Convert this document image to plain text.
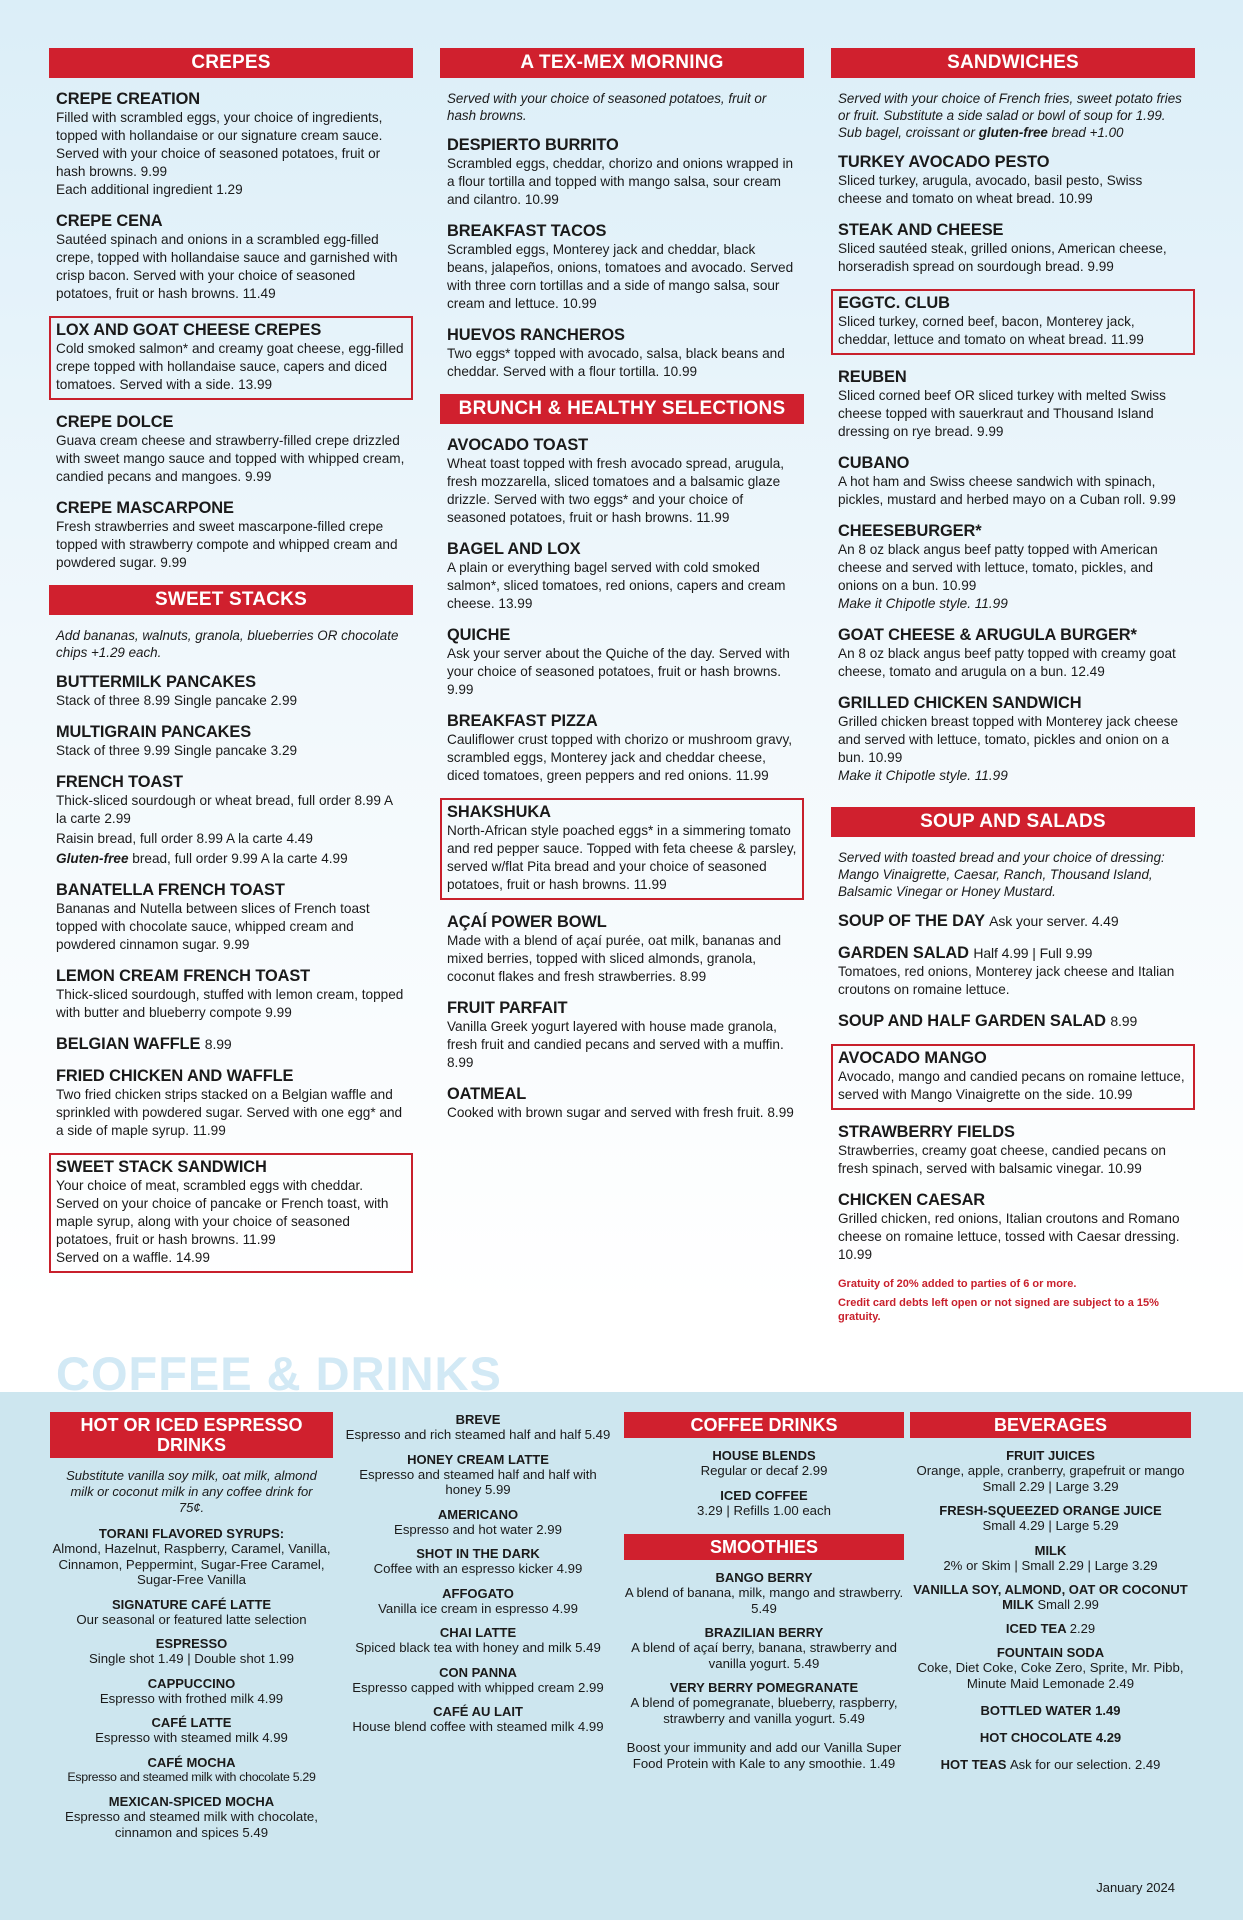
CREPES
CREPE CREATION
Filled with scrambled eggs, your choice of ingredients, topped with hollandaise or our signature cream sauce. Served with your choice of seasoned potatoes, fruit or hash browns. 9.99
Each additional ingredient 1.29
CREPE CENA
Sautéed spinach and onions in a scrambled egg-filled crepe, topped with hollandaise sauce and garnished with crisp bacon. Served with your choice of seasoned potatoes, fruit or hash browns. 11.49
LOX AND GOAT CHEESE CREPES
Cold smoked salmon* and creamy goat cheese, egg-filled crepe topped with hollandaise sauce, capers and diced tomatoes. Served with a side. 13.99
CREPE DOLCE
Guava cream cheese and strawberry-filled crepe drizzled with sweet mango sauce and topped with whipped cream, candied pecans and mangoes. 9.99
CREPE MASCARPONE
Fresh strawberries and sweet mascarpone-filled crepe topped with strawberry compote and whipped cream and powdered sugar. 9.99
SWEET STACKS
Add bananas, walnuts, granola, blueberries OR chocolate chips +1.29 each.
BUTTERMILK PANCAKES
Stack of three 8.99 Single pancake 2.99
MULTIGRAIN PANCAKES
Stack of three 9.99 Single pancake 3.29
FRENCH TOAST
Thick-sliced sourdough or wheat bread, full order 8.99 A la carte 2.99
Raisin bread, full order 8.99 A la carte 4.49
Gluten-free bread, full order 9.99 A la carte 4.99
BANATELLA FRENCH TOAST
Bananas and Nutella between slices of French toast topped with chocolate sauce, whipped cream and powdered cinnamon sugar. 9.99
LEMON CREAM FRENCH TOAST
Thick-sliced sourdough, stuffed with lemon cream, topped with butter and blueberry compote 9.99
BELGIAN WAFFLE 8.99
FRIED CHICKEN AND WAFFLE
Two fried chicken strips stacked on a Belgian waffle and sprinkled with powdered sugar. Served with one egg* and a side of maple syrup. 11.99
SWEET STACK SANDWICH
Your choice of meat, scrambled eggs with cheddar. Served on your choice of pancake or French toast, with maple syrup, along with your choice of seasoned potatoes, fruit or hash browns. 11.99
Served on a waffle. 14.99
A TEX-MEX MORNING
Served with your choice of seasoned potatoes, fruit or hash browns.
DESPIERTO BURRITO
Scrambled eggs, cheddar, chorizo and onions wrapped in a flour tortilla and topped with mango salsa, sour cream and cilantro. 10.99
BREAKFAST TACOS
Scrambled eggs, Monterey jack and cheddar, black beans, jalapeños, onions, tomatoes and avocado. Served with three corn tortillas and a side of mango salsa, sour cream and lettuce. 10.99
HUEVOS RANCHEROS
Two eggs* topped with avocado, salsa, black beans and cheddar. Served with a flour tortilla. 10.99
BRUNCH & HEALTHY SELECTIONS
AVOCADO TOAST
Wheat toast topped with fresh avocado spread, arugula, fresh mozzarella, sliced tomatoes and a balsamic glaze drizzle. Served with two eggs* and your choice of seasoned potatoes, fruit or hash browns. 11.99
BAGEL AND LOX
A plain or everything bagel served with cold smoked salmon*, sliced tomatoes, red onions, capers and cream cheese. 13.99
QUICHE
Ask your server about the Quiche of the day. Served with your choice of seasoned potatoes, fruit or hash browns. 9.99
BREAKFAST PIZZA
Cauliflower crust topped with chorizo or mushroom gravy, scrambled eggs, Monterey jack and cheddar cheese, diced tomatoes, green peppers and red onions. 11.99
SHAKSHUKA
North-African style poached eggs* in a simmering tomato and red pepper sauce. Topped with feta cheese & parsley, served w/flat Pita bread and your choice of seasoned potatoes, fruit or hash browns. 11.99
AÇAÍ POWER BOWL
Made with a blend of açaí purée, oat milk, bananas and mixed berries, topped with sliced almonds, granola, coconut flakes and fresh strawberries. 8.99
FRUIT PARFAIT
Vanilla Greek yogurt layered with house made granola, fresh fruit and candied pecans and served with a muffin. 8.99
OATMEAL
Cooked with brown sugar and served with fresh fruit. 8.99
SANDWICHES
Served with your choice of French fries, sweet potato fries or fruit. Substitute a side salad or bowl of soup for 1.99.
Sub bagel, croissant or gluten-free bread +1.00
TURKEY AVOCADO PESTO
Sliced turkey, arugula, avocado, basil pesto, Swiss cheese and tomato on wheat bread. 10.99
STEAK AND CHEESE
Sliced sautéed steak, grilled onions, American cheese, horseradish spread on sourdough bread. 9.99
EGGTC. CLUB
Sliced turkey, corned beef, bacon, Monterey jack, cheddar, lettuce and tomato on wheat bread. 11.99
REUBEN
Sliced corned beef OR sliced turkey with melted Swiss cheese topped with sauerkraut and Thousand Island dressing on rye bread. 9.99
CUBANO
A hot ham and Swiss cheese sandwich with spinach, pickles, mustard and herbed mayo on a Cuban roll. 9.99
CHEESEBURGER*
An 8 oz black angus beef patty topped with American cheese and served with lettuce, tomato, pickles, and onions on a bun. 10.99
Make it Chipotle style. 11.99
GOAT CHEESE & ARUGULA BURGER*
An 8 oz black angus beef patty topped with creamy goat cheese, tomato and arugula on a bun. 12.49
GRILLED CHICKEN SANDWICH
Grilled chicken breast topped with Monterey jack cheese and served with lettuce, tomato, pickles and onion on a bun. 10.99
Make it Chipotle style. 11.99
SOUP AND SALADS
Served with toasted bread and your choice of dressing: Mango Vinaigrette, Caesar, Ranch, Thousand Island, Balsamic Vinegar or Honey Mustard.
SOUP OF THE DAY Ask your server. 4.49
GARDEN SALAD Half 4.99 | Full 9.99
Tomatoes, red onions, Monterey jack cheese and Italian croutons on romaine lettuce.
SOUP AND HALF GARDEN SALAD 8.99
AVOCADO MANGO
Avocado, mango and candied pecans on romaine lettuce, served with Mango Vinaigrette on the side. 10.99
STRAWBERRY FIELDS
Strawberries, creamy goat cheese, candied pecans on fresh spinach, served with balsamic vinegar. 10.99
CHICKEN CAESAR
Grilled chicken, red onions, Italian croutons and Romano cheese on romaine lettuce, tossed with Caesar dressing. 10.99
Gratuity of 20% added to parties of 6 or more.
Credit card debts left open or not signed are subject to a 15% gratuity.
COFFEE & DRINKS
HOT OR ICED ESPRESSO DRINKS
Substitute vanilla soy milk, oat milk, almond milk or coconut milk in any coffee drink for 75¢.
TORANI FLAVORED SYRUPS:
Almond, Hazelnut, Raspberry, Caramel, Vanilla, Cinnamon, Peppermint, Sugar-Free Caramel, Sugar-Free Vanilla
SIGNATURE CAFÉ LATTE
Our seasonal or featured latte selection
ESPRESSO
Single shot 1.49 | Double shot 1.99
CAPPUCCINO
Espresso with frothed milk 4.99
CAFÉ LATTE
Espresso with steamed milk 4.99
CAFÉ MOCHA
Espresso and steamed milk with chocolate 5.29
MEXICAN-SPICED MOCHA
Espresso and steamed milk with chocolate, cinnamon and spices 5.49
BREVE
Espresso and rich steamed half and half 5.49
HONEY CREAM LATTE
Espresso and steamed half and half with honey 5.99
AMERICANO
Espresso and hot water 2.99
SHOT IN THE DARK
Coffee with an espresso kicker 4.99
AFFOGATO
Vanilla ice cream in espresso 4.99
CHAI LATTE
Spiced black tea with honey and milk 5.49
CON PANNA
Espresso capped with whipped cream 2.99
CAFÉ AU LAIT
House blend coffee with steamed milk 4.99
COFFEE DRINKS
HOUSE BLENDS
Regular or decaf 2.99
ICED COFFEE
3.29 | Refills 1.00 each
SMOOTHIES
BANGO BERRY
A blend of banana, milk, mango and strawberry. 5.49
BRAZILIAN BERRY
A blend of açaí berry, banana, strawberry and vanilla yogurt. 5.49
VERY BERRY POMEGRANATE
A blend of pomegranate, blueberry, raspberry, strawberry and vanilla yogurt. 5.49
Boost your immunity and add our Vanilla Super Food Protein with Kale to any smoothie. 1.49
BEVERAGES
FRUIT JUICES
Orange, apple, cranberry, grapefruit or mango
Small 2.29 | Large 3.29
FRESH-SQUEEZED ORANGE JUICE
Small 4.29 | Large 5.29
MILK
2% or Skim | Small 2.29 | Large 3.29
VANILLA SOY, ALMOND, OAT OR COCONUT MILK Small 2.99
ICED TEA 2.29
FOUNTAIN SODA
Coke, Diet Coke, Coke Zero, Sprite, Mr. Pibb, Minute Maid Lemonade 2.49
BOTTLED WATER 1.49
HOT CHOCOLATE 4.29
HOT TEAS Ask for our selection. 2.49
January 2024
